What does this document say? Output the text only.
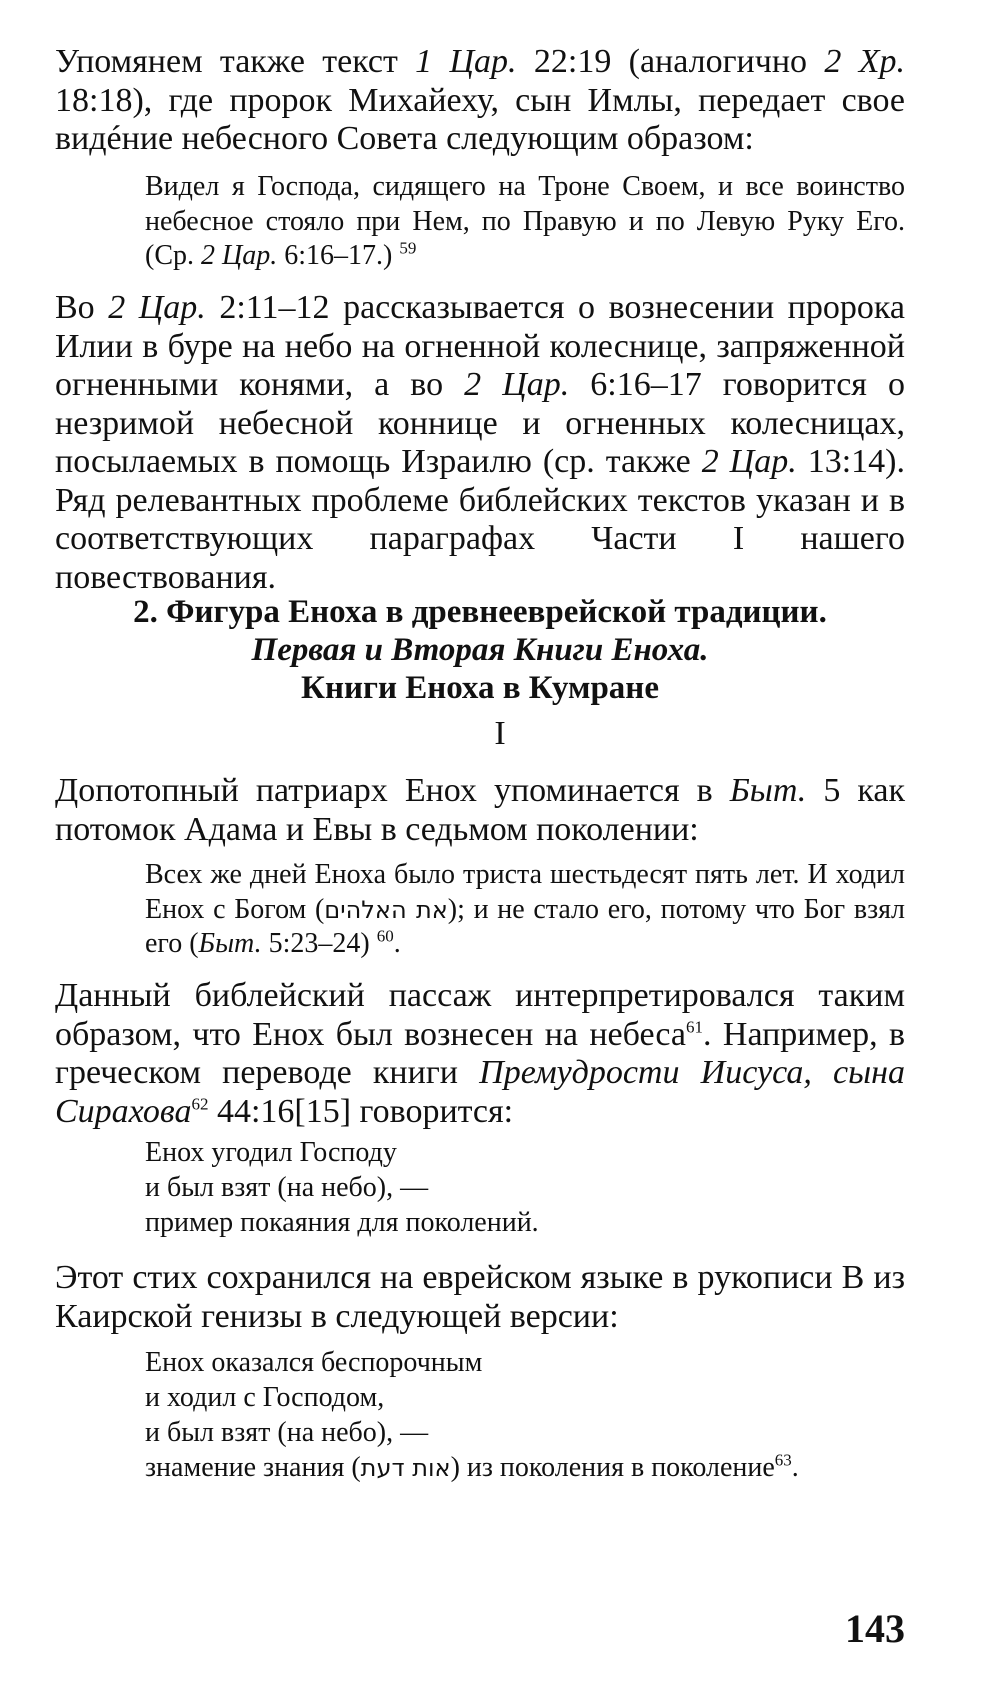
Упомянем также текст 1 Цар. 22:19 (аналогично 2 Хр. 18:18), где пророк Михайеху, сын Имлы, передает свое видéние небесного Совета следующим образом:

Видел я Господа, сидящего на Троне Своем, и все воинство небесное стояло при Нем, по Правую и по Левую Руку Его. (Ср. 2 Цар. 6:16–17.) $^{59}$

Во 2 Цар. 2:11–12 рассказывается о вознесении пророка Илии в буре на небо на огненной колеснице, запряженной огненными конями, а во 2 Цар. 6:16–17 говорится о незримой небесной коннице и огненных колесницах, посылаемых в помощь Израилю (ср. также 2 Цар. 13:14). Ряд релевантных проблеме библейских текстов указан и в соответствующих параграфах Части I нашего повествования.

2. Фигура Еноха в древнееврейской традиции.
Первая и Вторая Книги Еноха.
Книги Еноха в Кумране
I

Допотопный патриарх Енох упоминается в Быт. 5 как потомок Адама и Евы в седьмом поколении:

Всех же дней Еноха было триста шестьдесят пять лет. И ходил Енох с Богом (את האלהים); и не стало его, потому что Бог взял его (Быт. 5:23–24) $^{60}$.

Данный библейский пассаж интерпретировался таким образом, что Енох был вознесен на небеса$^{61}$. Например, в греческом переводе книги Премудрости Иисуса, сына Сирахова$^{62}$ 44:16[15] говорится:

Енох угодил Господу
и был взят (на небо), —
пример покаяния для поколений.

Этот стих сохранился на еврейском языке в рукописи B из Каирской генизы в следующей версии:

Енох оказался беспорочным
и ходил с Господом,
и был взят (на небо), —
знамение знания (אות דעת) из поколения в поколение$^{63}$.
143
